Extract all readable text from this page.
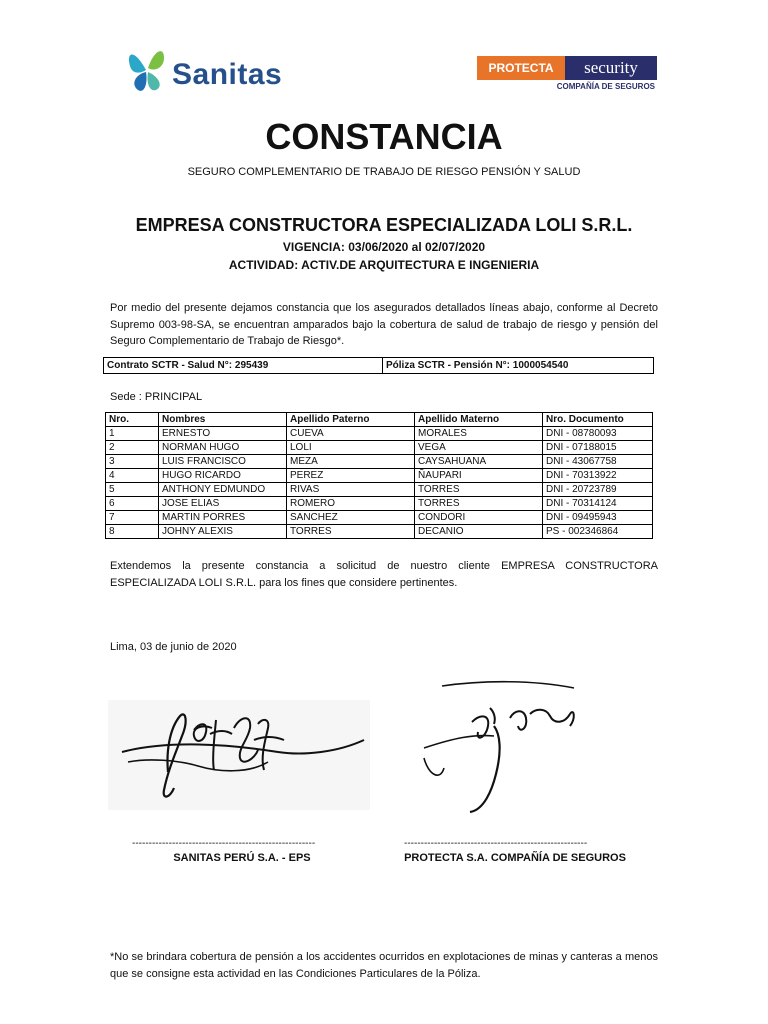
Sanitas	PROTECTA	security
COMPAÑÍA DE SEGUROS
CONSTANCIA
SEGURO COMPLEMENTARIO DE TRABAJO DE RIESGO PENSIÓN Y SALUD
EMPRESA CONSTRUCTORA ESPECIALIZADA LOLI S.R.L.
VIGENCIA: 03/06/2020 al 02/07/2020
ACTIVIDAD: ACTIV.DE ARQUITECTURA E INGENIERIA
Por medio del presente dejamos constancia que los asegurados detallados líneas abajo, conforme al Decreto Supremo 003-98-SA, se encuentran amparados bajo la cobertura de salud de trabajo de riesgo y pensión del Seguro Complementario de Trabajo de Riesgo*.
Contrato SCTR - Salud N°: 295439	Póliza SCTR - Pensión N°: 1000054540
Sede : PRINCIPAL
Nro.	Nombres	Apellido Paterno	Apellido Materno	Nro. Documento
1	ERNESTO	CUEVA	MORALES	DNI - 08780093
2	NORMAN HUGO	LOLI	VEGA	DNI - 07188015
3	LUIS FRANCISCO	MEZA	CAYSAHUANA	DNI - 43067758
4	HUGO RICARDO	PEREZ	ÑAUPARI	DNI - 70313922
5	ANTHONY EDMUNDO	RIVAS	TORRES	DNI - 20723789
6	JOSE ELIAS	ROMERO	TORRES	DNI - 70314124
7	MARTIN PORRES	SANCHEZ	CONDORI	DNI - 09495943
8	JOHNY ALEXIS	TORRES	DECANIO	PS - 002346864
Extendemos la presente constancia a solicitud de nuestro cliente EMPRESA CONSTRUCTORA ESPECIALIZADA LOLI S.R.L. para los fines que considere pertinentes.
Lima, 03 de junio de 2020
-------------------------------------------------------	-------------------------------------------------------
SANITAS PERÚ S.A. - EPS	PROTECTA S.A. COMPAÑÍA DE SEGUROS
*No se brindara cobertura de pensión a los accidentes ocurridos en explotaciones de minas y canteras a menos que se consigne esta actividad en las Condiciones Particulares de la Póliza.
